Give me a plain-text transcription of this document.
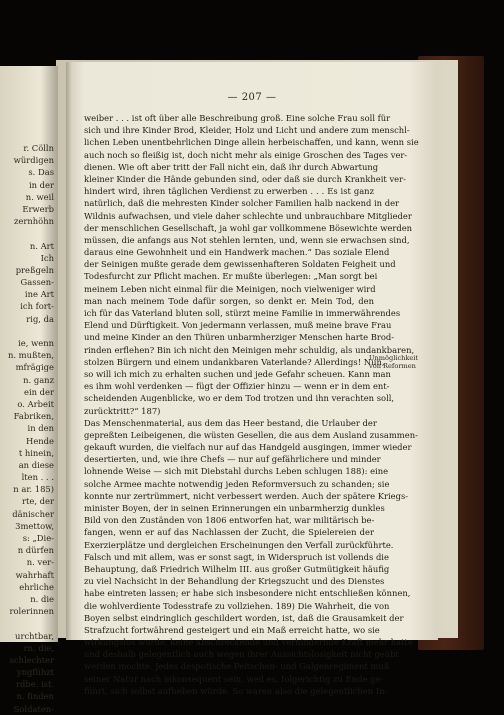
r. Cölln
würdigen
s. Das
in der
n. weil
Erwerb
zernhöhn
n. Art
Ich
preßgeln
Gassen-
ine Art
ich fort-
rig, da
ie, wenn
n. mußten,
mfrägige
n. ganz
ein der
o. Arbeit
Fabriken,
in den
Hende
t hinein,
an diese
lten . . .
n ar. 185)
rte, der
dänischer
3mettow,
s: „Die-
n dürfen
n. ver-
wahrhaft
ehrliche
n. die
rolerinnen
urchtbar,
rn. die,
schlechter
yngfühzt
rdbe. ist.
n. finden
Soldaten-
— 207 —
weiber . . . ist oft über alle Beschreibung groß. Eine solche Frau soll für
sich und ihre Kinder Brod, Kleider, Holz und Licht und andere zum menschl-
lichen Leben unentbehrlichen Dinge allein herbeischaffen, und kann, wenn sie
auch noch so fleißig ist, doch nicht mehr als einige Groschen des Tages ver-
dienen. Wie oft aber tritt der Fall nicht ein, daß ihr durch Abwartung
kleiner Kinder die Hände gebunden sind, oder daß sie durch Krankheit ver-
hindert wird, ihren täglichen Verdienst zu erwerben . . . Es ist ganz
natürlich, daß die mehresten Kinder solcher Familien halb nackend in der
Wildnis aufwachsen, und viele daher schlechte und unbrauchbare Mitglieder
der menschlichen Gesellschaft, ja wohl gar vollkommene Bösewichte werden
müssen, die anfangs aus Not stehlen lernten, und, wenn sie erwachsen sind,
daraus eine Gewohnheit und ein Handwerk machen.“ Das soziale Elend
der Seinigen mußte gerade dem gewissenhafteren Soldaten Feigheit und
Todesfurcht zur Pflicht machen. Er mußte überlegen: „Man sorgt bei
meinem Leben nicht einmal für die Meinigen, noch vielweniger wird
man nach meinem Tode dafür sorgen, so denkt er. Mein Tod, den
ich für das Vaterland bluten soll, stürzt meine Familie in immerwährendes
Elend und Dürftigkeit. Von jedermann verlassen, muß meine brave Frau
und meine Kinder an den Thüren unbarmherziger Menschen harte Brod-
rinden erflehen? Bin ich nicht den Meinigen mehr schuldig, als undankbaren,
stolzen Bürgern und einem undankbaren Vaterlande? Allerdings! Nun,
so will ich mich zu erhalten suchen und jede Gefahr scheuen. Kann man
es ihm wohl verdenken — fügt der Offizier hinzu — wenn er in dem ent-
scheidenden Augenblicke, wo er dem Tod trotzen und ihn verachten soll,
zurücktritt?“ 187)
Das Menschenmaterial, aus dem das Heer bestand, die Urlauber der
gepreßten Leibeigenen, die wüsten Gesellen, die aus dem Ausland zusammen-
gekauft wurden, die vielfach nur auf das Handgeld ausgingen, immer wieder
desertierten, und, wie ihre Chefs — nur auf gefährlichere und minder
lohnende Weise — sich mit Diebstahl durchs Leben schlugen 188): eine
solche Armee machte notwendig jeden Reformversuch zu schanden; sie
konnte nur zertrümmert, nicht verbessert werden. Auch der spätere Kriegs-
minister Boyen, der in seinen Erinnerungen ein unbarmherzig dunkles
Bild von den Zuständen von 1806 entworfen hat, war militärisch be-
fangen, wenn er auf das Nachlassen der Zucht, die Spielereien der
Exerzierplätze und dergleichen Erscheinungen den Verfall zurückführte.
Falsch und mit allem, was er sonst sagt, in Widerspruch ist vollends die
Behauptung, daß Friedrich Wilhelm III. aus großer Gutmütigkeit häufig
zu viel Nachsicht in der Behandlung der Kriegszucht und des Dienstes
habe eintreten lassen; er habe sich insbesondere nicht entschließen können,
die wohlverdiente Todesstrafe zu vollziehen. 189) Die Wahrheit, die von
Boyen selbst eindringlich geschildert worden, ist, daß die Grausamkeit der
Strafzucht fortwährend gesteigert und ein Maß erreicht hatte, wo sie
wirkungslos wurde, keine abschreckende und verhindernde Kraft mehr hatte
und deshalb gelegentlich auch wegen ihrer Aussichtslosigkeit nicht geübt
werden mochte. Jedes despotische Peitschen- und Galgenregiment muß
seiner Natur nach inkonsequent sein, weil es, folgerichtig zu Ende ge-
führt, sich selbst aufheben würde. So waren also die gelegentlichen In-
Unmöglichkeit
von Reformen
